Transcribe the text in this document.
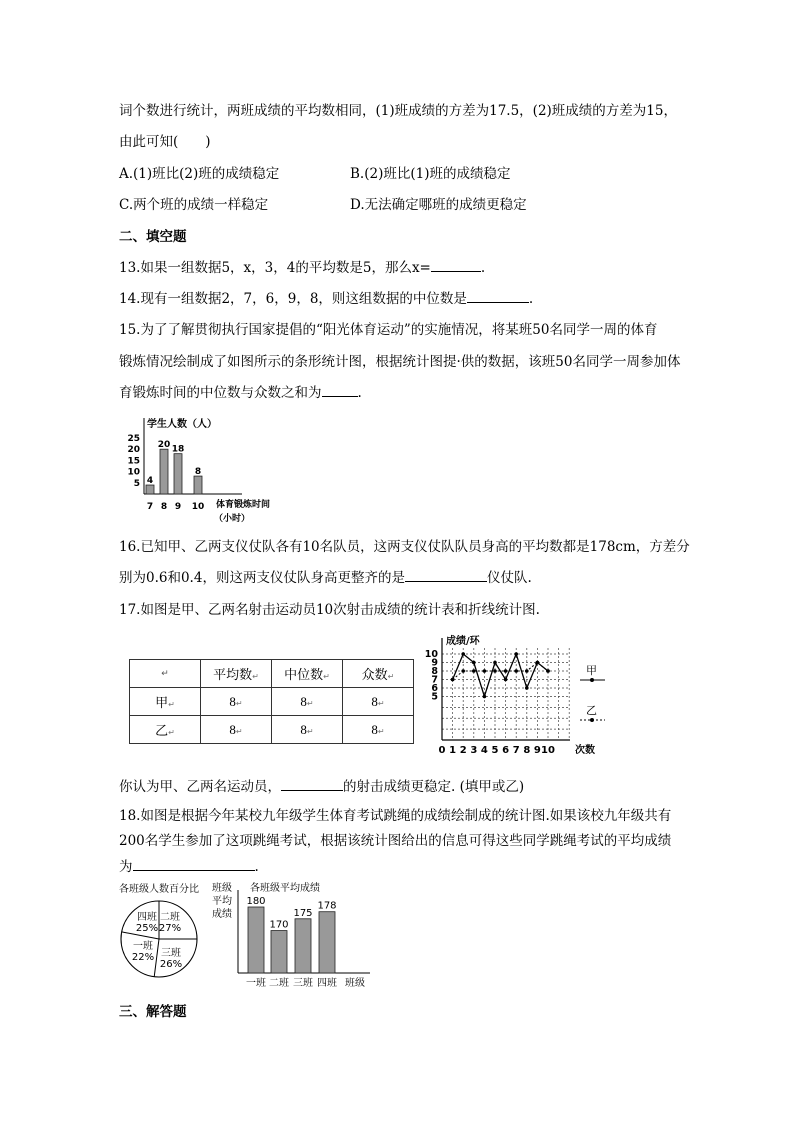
词个数进行统计，两班成绩的平均数相同，(1)班成绩的方差为17.5，(2)班成绩的方差为15，
由此可知(　　)
A.(1)班比(2)班的成绩稳定	B.(2)班比(1)班的成绩稳定
C.两个班的成绩一样稳定	D.无法确定哪班的成绩更稳定
二、填空题
13.如果一组数据5，x，3，4的平均数是5，那么x=	.
14.现有一组数据2，7，6，9，8，则这组数据的中位数是	.
15.为了了解贯彻执行国家提倡的“阳光体育运动”的实施情况，将某班50名同学一周的体育
锻炼情况绘制成了如图所示的条形统计图，根据统计图提·供的数据，该班50名同学一周参加体
育锻炼时间的中位数与众数之和为	.
学生人数（人）
体育锻炼时间
（小时）
25
20
15
10
5 4
7
20
8
18
9
8
10
16.已知甲、乙两支仪仗队各有10名队员，这两支仪仗队队员身高的平均数都是178cm，方差分
别为0.6和0.4，则这两支仪仗队身高更整齐的是	仪仗队.
17.如图是甲、乙两名射击运动员10次射击成绩的统计表和折线统计图.
↵	平均数↵	中位数↵	众数↵
甲↵	8↵	8↵	8↵
乙↵	8↵	8↵	8↵
成绩/环
次数
10
9
8
7
6
5
0 1 2 3 4 5 6 7 8 9 10
甲
乙
你认为甲、乙两名运动员，	的射击成绩更稳定. (填甲或乙)
18.如图是根据今年某校九年级学生体育考试跳绳的成绩绘制成的统计图.如果该校九年级共有
200名学生参加了这项跳绳考试，根据该统计图给出的信息可得这些同学跳绳考试的平均成绩
为	.
各班级人数百分比
四班
25%
二班
27%
三班
26%
一班
22%
各班级平均成绩
班级
平均
成绩
班级
180
一班
170
二班
175
三班
178
四班
三、解答题
